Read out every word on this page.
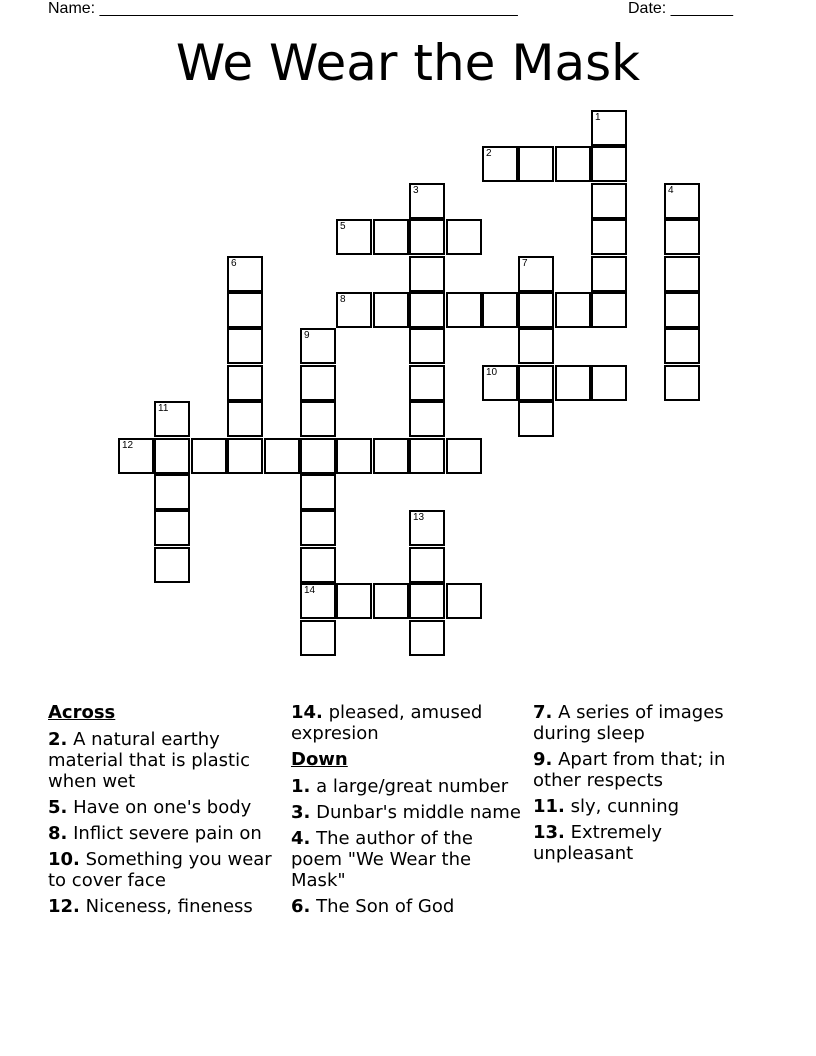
Name: _______________________________________________	Date: _______
We Wear the Mask
1
2
3	4
5
6	7
8
9
14
10
11
12
13
Across
2. A natural earthy material that is plastic when wet
5. Have on one's body
8. Inflict severe pain on
10. Something you wear to cover face
12. Niceness, fineness
14. pleased, amused expresion
Down
1. a large/great number
3. Dunbar's middle name
4. The author of the poem "We Wear the Mask"
6. The Son of God
7. A series of images during sleep
9. Apart from that; in other respects
11. sly, cunning
13. Extremely unpleasant
